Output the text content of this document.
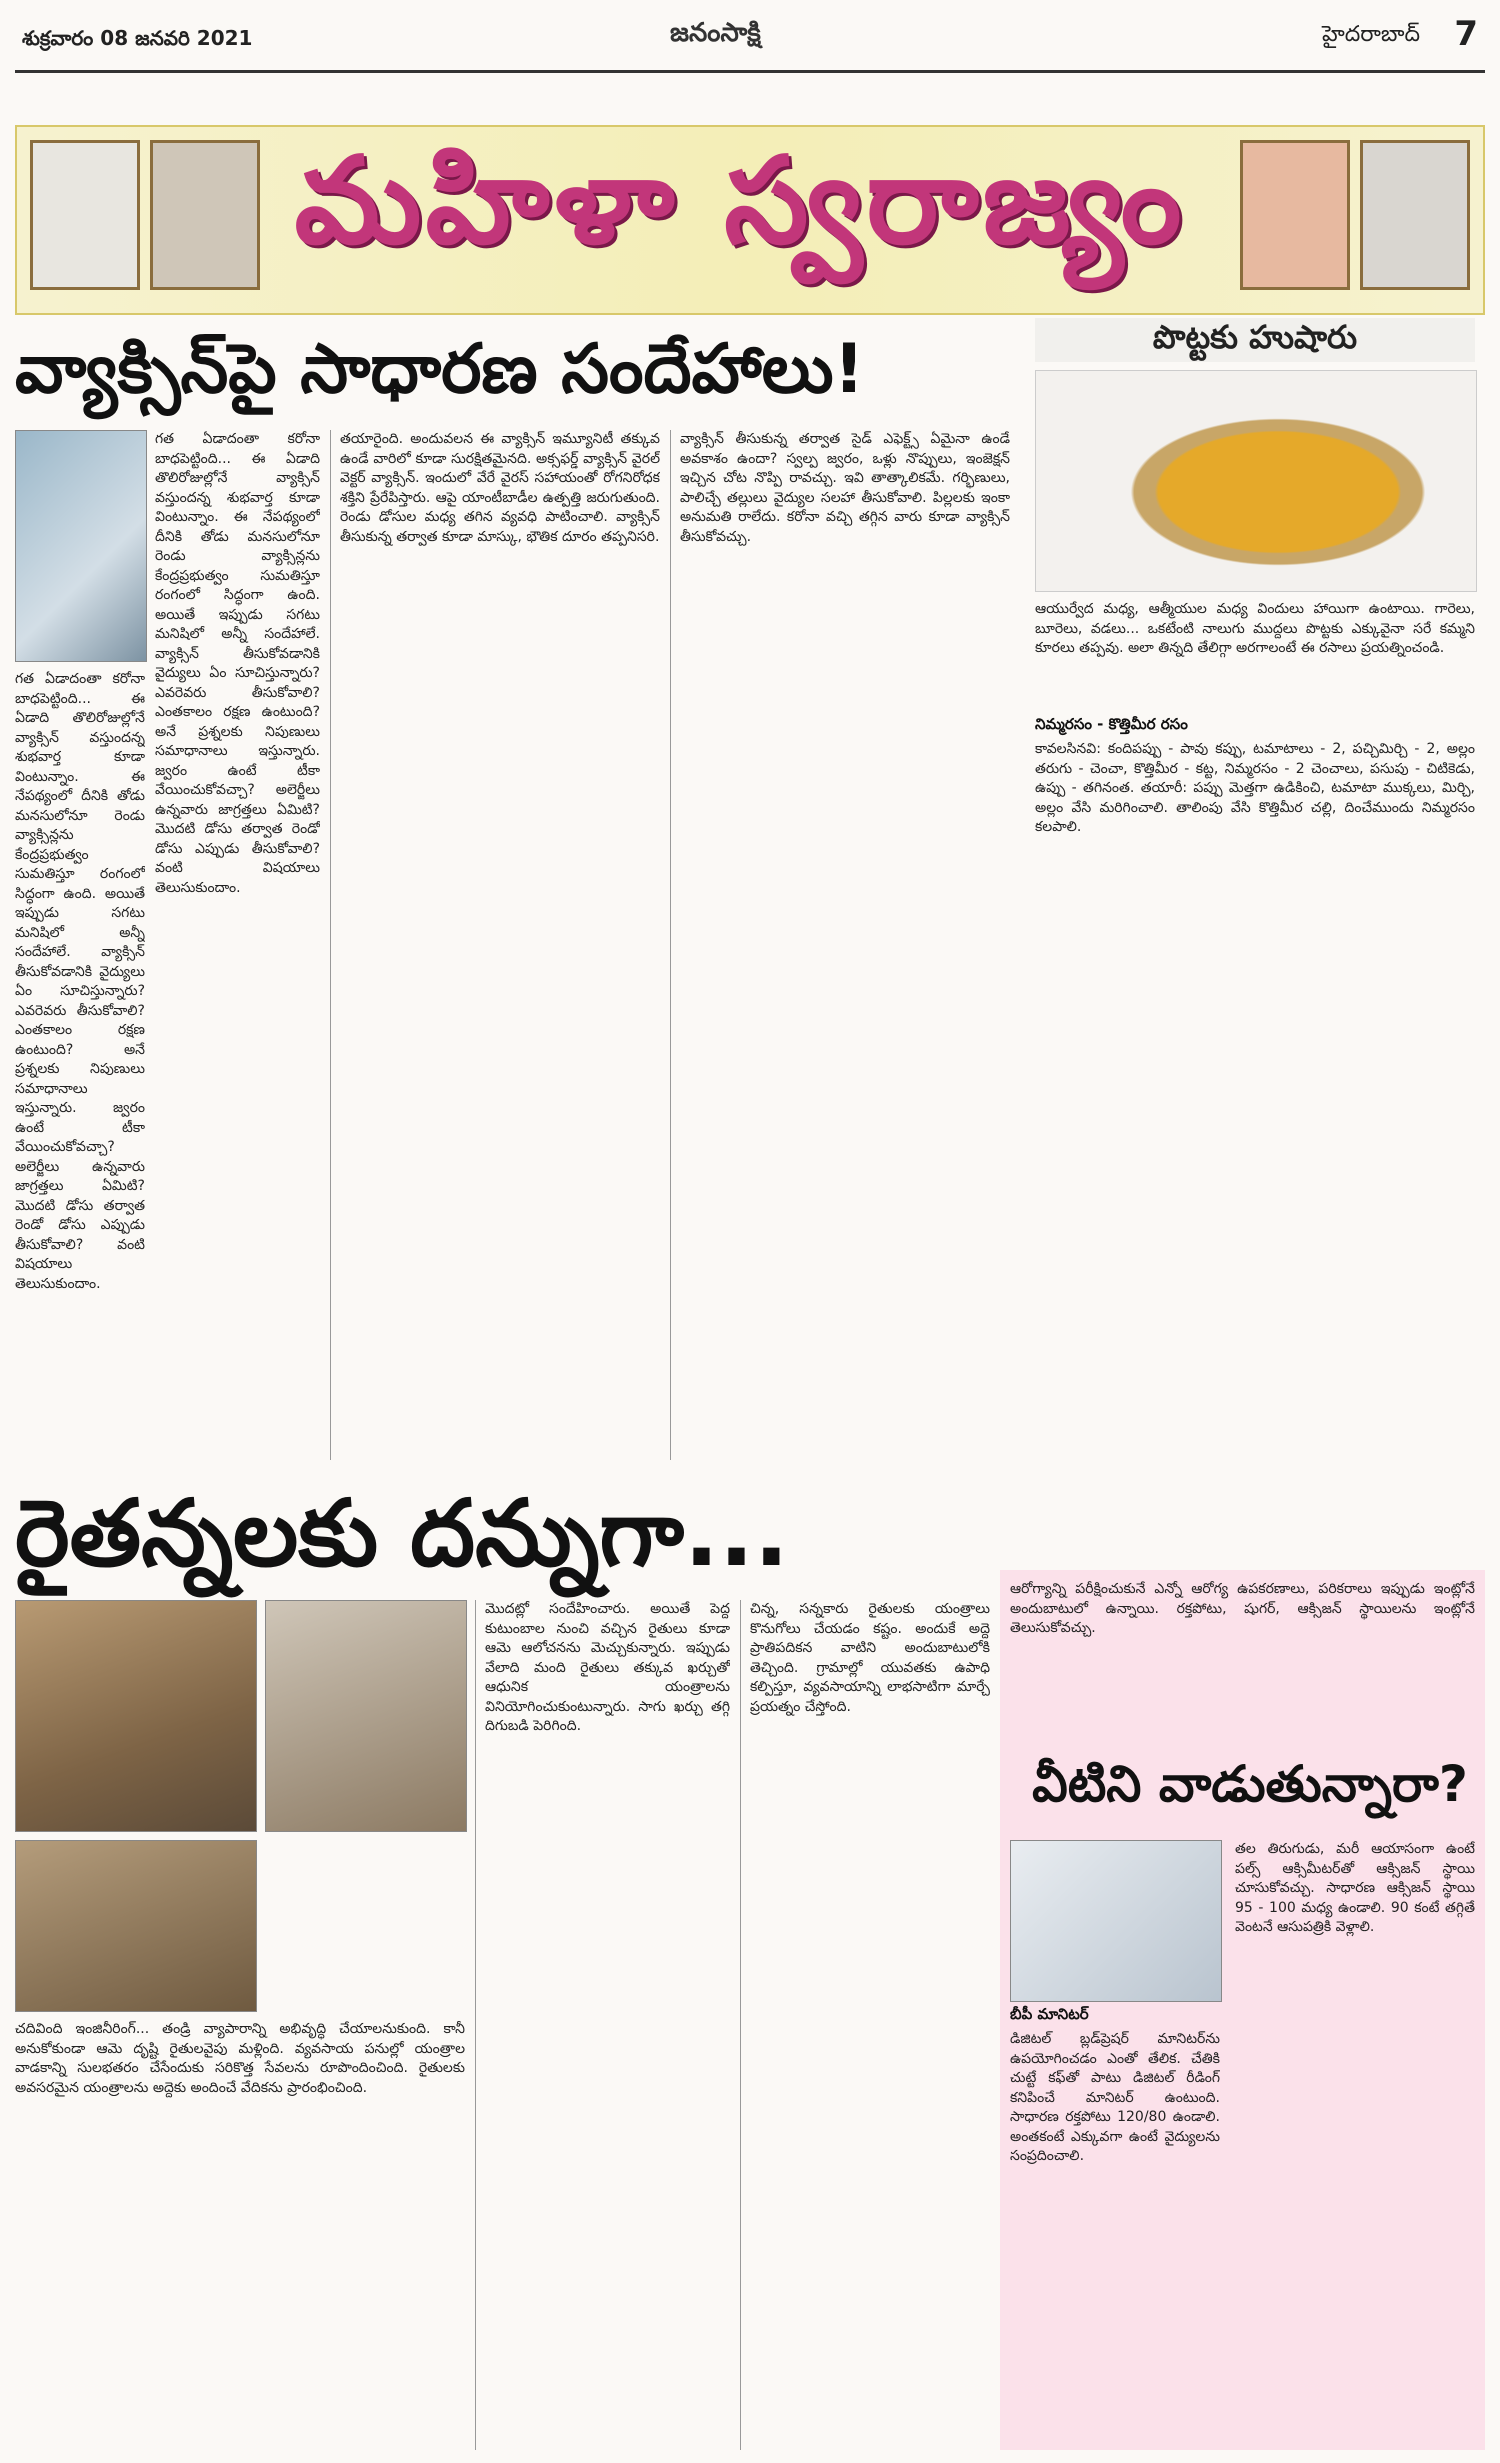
శుక్రవారం 08 జనవరి 2021	జనంసాక్షి	హైదరాబాద్ 7
మహిళా స్వరాజ్యం
వ్యాక్సిన్‌పై సాధారణ సందేహాలు!
గత ఏడాదంతా కరోనా బాధపెట్టింది... ఈ ఏడాది తొలిరోజుల్లోనే వ్యాక్సిన్ వస్తుందన్న శుభవార్త కూడా వింటున్నాం. ఈ నేపథ్యంలో దీనికి తోడు మనసులోనూ రెండు వ్యాక్సిన్లను కేంద్రప్రభుత్వం సుమతిస్తూ రంగంలో సిద్ధంగా ఉంది. అయితే ఇప్పుడు సగటు మనిషిలో అన్నీ సందేహాలే. వ్యాక్సిన్ తీసుకోవడానికి వైద్యులు ఏం సూచిస్తున్నారు? ఎవరెవరు తీసుకోవాలి? ఎంతకాలం రక్షణ ఉంటుంది? అనే ప్రశ్నలకు నిపుణులు సమాధానాలు ఇస్తున్నారు. జ్వరం ఉంటే టీకా వేయించుకోవచ్చా? అలెర్జీలు ఉన్నవారు జాగ్రత్తలు ఏమిటి? మొదటి డోసు తర్వాత రెండో డోసు ఎప్పుడు తీసుకోవాలి? వంటి విషయాలు తెలుసుకుందాం.
గత ఏడాదంతా కరోనా బాధపెట్టింది... ఈ ఏడాది తొలిరోజుల్లోనే వ్యాక్సిన్ వస్తుందన్న శుభవార్త కూడా వింటున్నాం. ఈ నేపథ్యంలో దీనికి తోడు మనసులోనూ రెండు వ్యాక్సిన్లను కేంద్రప్రభుత్వం సుమతిస్తూ రంగంలో సిద్ధంగా ఉంది. అయితే ఇప్పుడు సగటు మనిషిలో అన్నీ సందేహాలే. వ్యాక్సిన్ తీసుకోవడానికి వైద్యులు ఏం సూచిస్తున్నారు? ఎవరెవరు తీసుకోవాలి? ఎంతకాలం రక్షణ ఉంటుంది? అనే ప్రశ్నలకు నిపుణులు సమాధానాలు ఇస్తున్నారు. జ్వరం ఉంటే టీకా వేయించుకోవచ్చా? అలెర్జీలు ఉన్నవారు జాగ్రత్తలు ఏమిటి? మొదటి డోసు తర్వాత రెండో డోసు ఎప్పుడు తీసుకోవాలి? వంటి విషయాలు తెలుసుకుందాం.
తయారైంది. అందువలన ఈ వ్యాక్సిన్ ఇమ్యూనిటీ తక్కువ ఉండే వారిలో కూడా సురక్షితమైనది. అక్సఫర్డ్ వ్యాక్సిన్ వైరల్ వెక్టర్ వ్యాక్సిన్. ఇందులో వేరే వైరస్ సహాయంతో రోగనిరోధక శక్తిని ప్రేరేపిస్తారు. ఆపై యాంటీబాడీల ఉత్పత్తి జరుగుతుంది. రెండు డోసుల మధ్య తగిన వ్యవధి పాటించాలి. వ్యాక్సిన్ తీసుకున్న తర్వాత కూడా మాస్కు, భౌతిక దూరం తప్పనిసరి.
వ్యాక్సిన్ తీసుకున్న తర్వాత సైడ్ ఎఫెక్ట్స్ ఏమైనా ఉండే అవకాశం ఉందా? స్వల్ప జ్వరం, ఒళ్లు నొప్పులు, ఇంజెక్షన్ ఇచ్చిన చోట నొప్పి రావచ్చు. ఇవి తాత్కాలికమే. గర్భిణులు, పాలిచ్చే తల్లులు వైద్యుల సలహా తీసుకోవాలి. పిల్లలకు ఇంకా అనుమతి రాలేదు. కరోనా వచ్చి తగ్గిన వారు కూడా వ్యాక్సిన్ తీసుకోవచ్చు.
పొట్టకు హుషారు
ఆయుర్వేద మధ్య, ఆత్మీయుల మధ్య విందులు హాయిగా ఉంటాయి. గారెలు, బూరెలు, వడలు... ఒకటేంటి నాలుగు ముద్దలు పొట్టకు ఎక్కువైనా సరే కమ్మని కూరలు తప్పవు. అలా తిన్నది తేలిగ్గా అరగాలంటే ఈ రసాలు ప్రయత్నించండి.
నిమ్మరసం - కొత్తిమీర రసం
కావలసినవి: కందిపప్పు - పావు కప్పు, టమాటాలు - 2, పచ్చిమిర్చి - 2, అల్లం తరుగు - చెంచా, కొత్తిమీర - కట్ట, నిమ్మరసం - 2 చెంచాలు, పసుపు - చిటికెడు, ఉప్పు - తగినంత. తయారీ: పప్పు మెత్తగా ఉడికించి, టమాటా ముక్కలు, మిర్చి, అల్లం వేసి మరిగించాలి. తాలింపు వేసి కొత్తిమీర చల్లి, దించేముందు నిమ్మరసం కలపాలి.
రైతన్నలకు దన్నుగా...
చదివింది ఇంజినీరింగ్... తండ్రి వ్యాపారాన్ని అభివృద్ధి చేయాలనుకుంది. కానీ అనుకోకుండా ఆమె దృష్టి రైతులవైపు మళ్లింది. వ్యవసాయ పనుల్లో యంత్రాల వాడకాన్ని సులభతరం చేసేందుకు సరికొత్త సేవలను రూపొందించింది. రైతులకు అవసరమైన యంత్రాలను అద్దెకు అందించే వేదికను ప్రారంభించింది.
మొదట్లో సందేహించారు. అయితే పెద్ద కుటుంబాల నుంచి వచ్చిన రైతులు కూడా ఆమె ఆలోచనను మెచ్చుకున్నారు. ఇప్పుడు వేలాది మంది రైతులు తక్కువ ఖర్చుతో ఆధునిక యంత్రాలను వినియోగించుకుంటున్నారు. సాగు ఖర్చు తగ్గి దిగుబడి పెరిగింది.
చిన్న, సన్నకారు రైతులకు యంత్రాలు కొనుగోలు చేయడం కష్టం. అందుకే అద్దె ప్రాతిపదికన వాటిని అందుబాటులోకి తెచ్చింది. గ్రామాల్లో యువతకు ఉపాధి కల్పిస్తూ, వ్యవసాయాన్ని లాభసాటిగా మార్చే ప్రయత్నం చేస్తోంది.
ఆరోగ్యాన్ని పరీక్షించుకునే ఎన్నో ఆరోగ్య ఉపకరణాలు, పరికరాలు ఇప్పుడు ఇంట్లోనే అందుబాటులో ఉన్నాయి. రక్తపోటు, షుగర్, ఆక్సిజన్ స్థాయిలను ఇంట్లోనే తెలుసుకోవచ్చు.
వీటిని వాడుతున్నారా?
బీపీ మానిటర్
డిజిటల్ బ్లడ్‌ప్రెషర్ మానిటర్‌ను ఉపయోగించడం ఎంతో తేలిక. చేతికి చుట్టే కఫ్‌తో పాటు డిజిటల్ రీడింగ్ కనిపించే మానిటర్ ఉంటుంది. సాధారణ రక్తపోటు 120/80 ఉండాలి. అంతకంటే ఎక్కువగా ఉంటే వైద్యులను సంప్రదించాలి.
తల తిరుగుడు, మరీ ఆయాసంగా ఉంటే పల్స్ ఆక్సిమీటర్‌తో ఆక్సిజన్ స్థాయి చూసుకోవచ్చు. సాధారణ ఆక్సిజన్ స్థాయి 95 - 100 మధ్య ఉండాలి. 90 కంటే తగ్గితే వెంటనే ఆసుపత్రికి వెళ్లాలి.
